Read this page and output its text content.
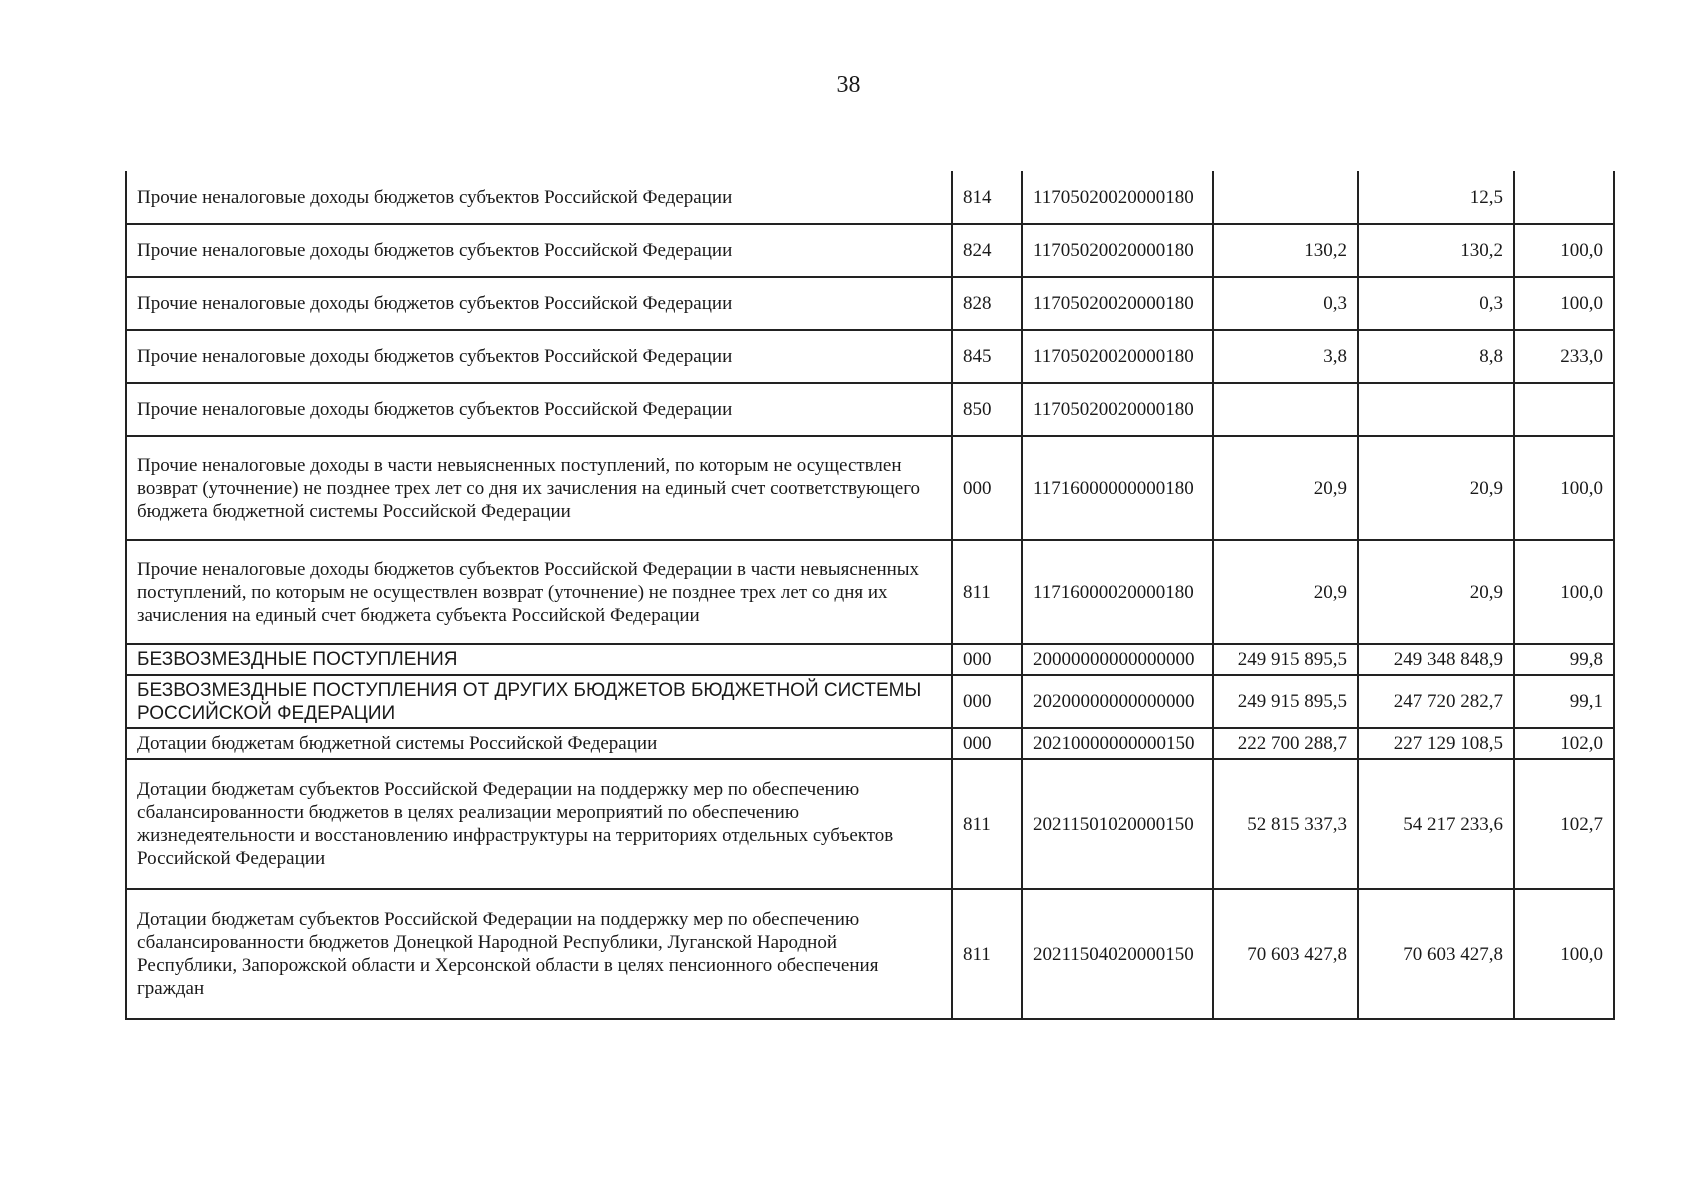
38
Прочие неналоговые доходы бюджетов субъектов Российской Федерации	814	11705020020000180		12,5	
Прочие неналоговые доходы бюджетов субъектов Российской Федерации	824	11705020020000180	130,2	130,2	100,0
Прочие неналоговые доходы бюджетов субъектов Российской Федерации	828	11705020020000180	0,3	0,3	100,0
Прочие неналоговые доходы бюджетов субъектов Российской Федерации	845	11705020020000180	3,8	8,8	233,0
Прочие неналоговые доходы бюджетов субъектов Российской Федерации	850	11705020020000180			
Прочие неналоговые доходы в части невыясненных поступлений, по которым не осуществлен возврат (уточнение) не позднее трех лет со дня их зачисления на единый счет соответствующего бюджета бюджетной системы Российской Федерации	000	11716000000000180	20,9	20,9	100,0
Прочие неналоговые доходы бюджетов субъектов Российской Федерации в части невыясненных поступлений, по которым не осуществлен возврат (уточнение) не позднее трех лет со дня их зачисления на единый счет бюджета субъекта Российской Федерации	811	11716000020000180	20,9	20,9	100,0
БЕЗВОЗМЕЗДНЫЕ ПОСТУПЛЕНИЯ	000	20000000000000000	249 915 895,5	249 348 848,9	99,8
БЕЗВОЗМЕЗДНЫЕ ПОСТУПЛЕНИЯ ОТ ДРУГИХ БЮДЖЕТОВ БЮДЖЕТНОЙ СИСТЕМЫ РОССИЙСКОЙ ФЕДЕРАЦИИ	000	20200000000000000	249 915 895,5	247 720 282,7	99,1
Дотации бюджетам бюджетной системы Российской Федерации	000	20210000000000150	222 700 288,7	227 129 108,5	102,0
Дотации бюджетам субъектов Российской Федерации на поддержку мер по обеспечению сбалансированности бюджетов в целях реализации мероприятий по обеспечению жизнедеятельности и восстановлению инфраструктуры на территориях отдельных субъектов Российской Федерации	811	20211501020000150	52 815 337,3	54 217 233,6	102,7
Дотации бюджетам субъектов Российской Федерации на поддержку мер по обеспечению сбалансированности бюджетов Донецкой Народной Республики, Луганской Народной Республики, Запорожской области и Херсонской области в целях пенсионного обеспечения граждан	811	20211504020000150	70 603 427,8	70 603 427,8	100,0
